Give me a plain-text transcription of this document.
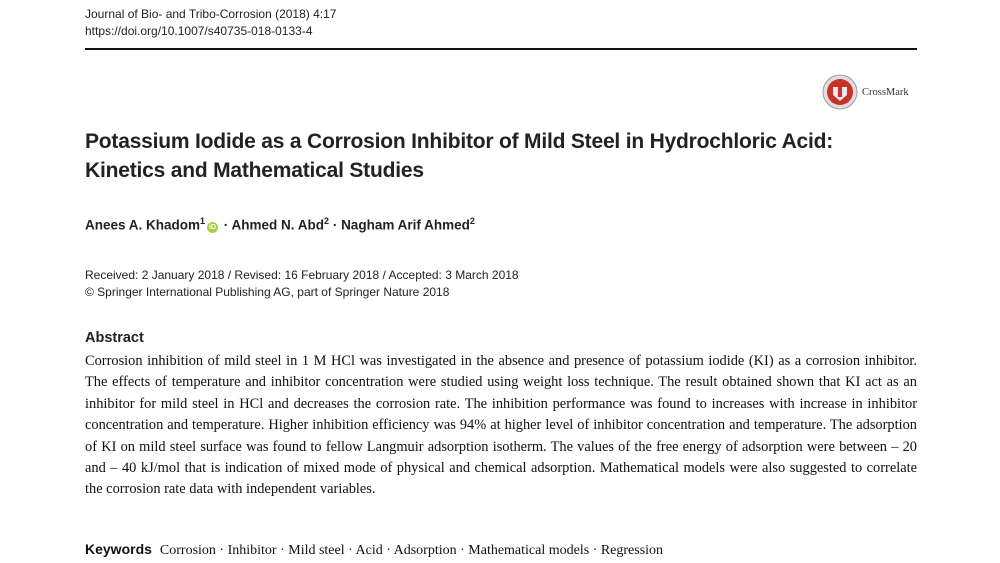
Journal of Bio- and Tribo-Corrosion (2018) 4:17
https://doi.org/10.1007/s40735-018-0133-4
CrossMark
Potassium Iodide as a Corrosion Inhibitor of Mild Steel in Hydrochloric Acid: Kinetics and Mathematical Studies
Anees A. Khadom$^1$iD · Ahmed N. Abd$^2$ · Nagham Arif Ahmed$^2$
Received: 2 January 2018 / Revised: 16 February 2018 / Accepted: 3 March 2018
© Springer International Publishing AG, part of Springer Nature 2018
Abstract

Corrosion inhibition of mild steel in 1 M HCl was investigated in the absence and presence of potassium iodide (KI) as a corrosion inhibitor. The effects of temperature and inhibitor concentration were studied using weight loss technique. The result obtained shown that KI act as an inhibitor for mild steel in HCl and decreases the corrosion rate. The inhibition performance was found to increases with increase in inhibitor concentration and temperature. Higher inhibition efficiency was 94% at higher level of inhibitor concentration and temperature. The adsorption of KI on mild steel surface was found to fellow Langmuir adsorption isotherm. The values of the free energy of adsorption were between – 20 and – 40 kJ/mol that is indication of mixed mode of physical and chemical adsorption. Mathematical models were also suggested to correlate the corrosion rate data with independent variables.

Keywords Corrosion · Inhibitor · Mild steel · Acid · Adsorption · Mathematical models · Regression
